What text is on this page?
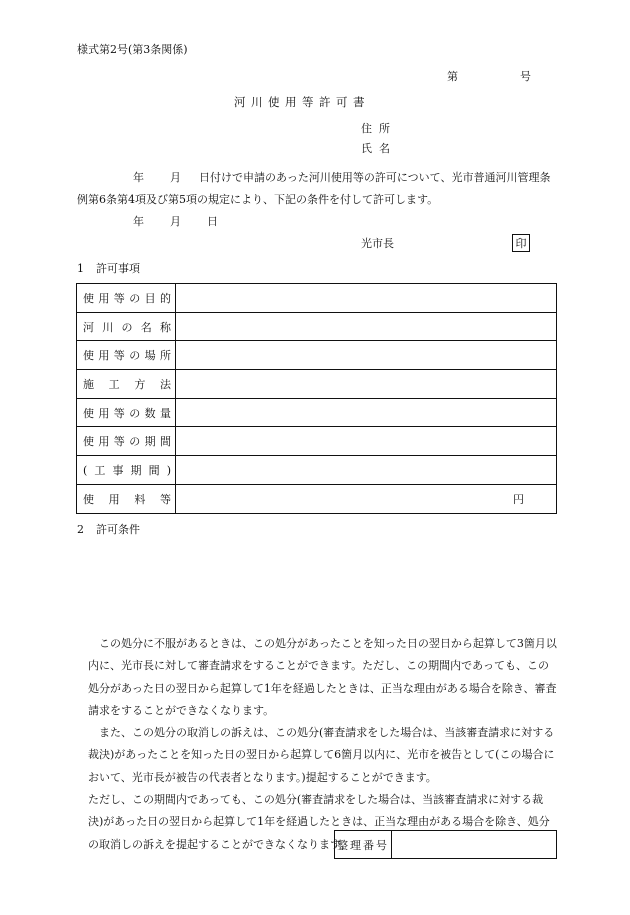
様式第2号(第3条関係)
第	号
河川使用等許可書
住所
氏名
年 月 日付けで申請のあった河川使用等の許可について、光市普通河川管理条例第6条第4項及び第5項の規定により、下記の条件を付して許可します。
年 月 日
光市長	印
1 許可事項
使用等の目的	
河川の名称	
使用等の場所	
施工方法	
使用等の数量	
使用等の期間	
(工事期間)	
使用料等	円
2 許可条件

この処分に不服があるときは、この処分があったことを知った日の翌日から起算して3箇月以内に、光市長に対して審査請求をすることができます。ただし、この期間内であっても、この処分があった日の翌日から起算して1年を経過したときは、正当な理由がある場合を除き、審査請求をすることができなくなります。

また、この処分の取消しの訴えは、この処分(審査請求をした場合は、当該審査請求に対する裁決)があったことを知った日の翌日から起算して6箇月以内に、光市を被告として(この場合において、光市長が被告の代表者となります。)提起することができます。

ただし、この期間内であっても、この処分(審査請求をした場合は、当該審査請求に対する裁決)があった日の翌日から起算して1年を経過したときは、正当な理由がある場合を除き、処分の取消しの訴えを提起することができなくなります。

整理番号	
